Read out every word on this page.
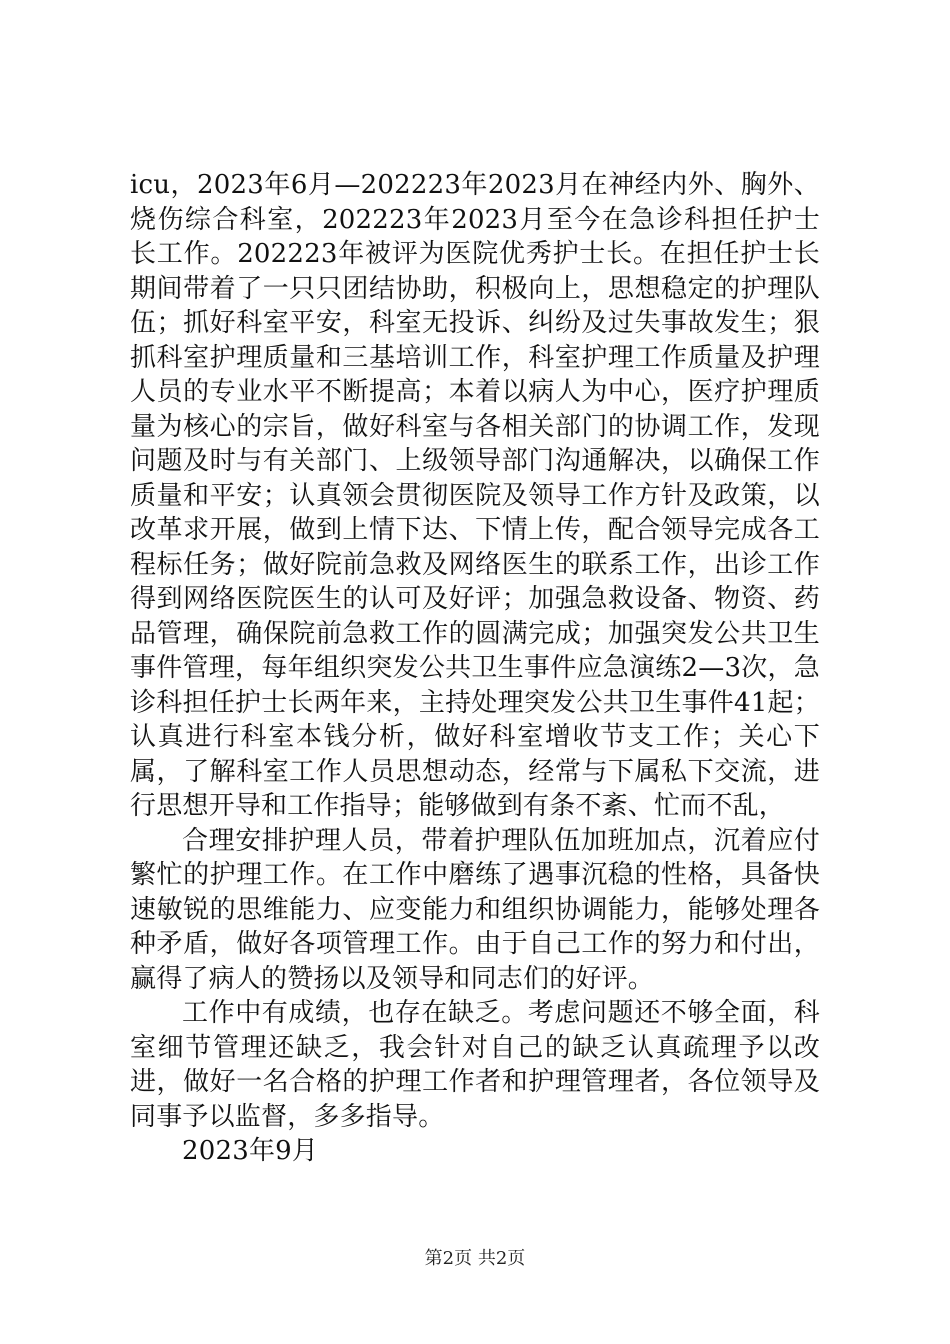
icu，2023年6月—202223年2023月在神经内外、胸外、烧伤综合科室，202223年2023月至今在急诊科担任护士长工作。202223年被评为医院优秀护士长。在担任护士长期间带着了一只只团结协助，积极向上，思想稳定的护理队伍；抓好科室平安，科室无投诉、纠纷及过失事故发生；狠抓科室护理质量和三基培训工作，科室护理工作质量及护理人员的专业水平不断提高；本着以病人为中心，医疗护理质量为核心的宗旨，做好科室与各相关部门的协调工作，发现问题及时与有关部门、上级领导部门沟通解决，以确保工作质量和平安；认真领会贯彻医院及领导工作方针及政策，以改革求开展，做到上情下达、下情上传，配合领导完成各工程标任务；做好院前急救及网络医生的联系工作，出诊工作得到网络医院医生的认可及好评；加强急救设备、物资、药品管理，确保院前急救工作的圆满完成；加强突发公共卫生事件管理，每年组织突发公共卫生事件应急演练2—3次，急诊科担任护士长两年来，主持处理突发公共卫生事件41起；认真进行科室本钱分析，做好科室增收节支工作；关心下属，了解科室工作人员思想动态，经常与下属私下交流，进行思想开导和工作指导；能够做到有条不紊、忙而不乱，

合理安排护理人员，带着护理队伍加班加点，沉着应付繁忙的护理工作。在工作中磨练了遇事沉稳的性格，具备快速敏锐的思维能力、应变能力和组织协调能力，能够处理各种矛盾，做好各项管理工作。由于自己工作的努力和付出，赢得了病人的赞扬以及领导和同志们的好评。

工作中有成绩，也存在缺乏。考虑问题还不够全面，科室细节管理还缺乏，我会针对自己的缺乏认真疏理予以改进，做好一名合格的护理工作者和护理管理者，各位领导及同事予以监督，多多指导。

2023年9月

第2页 共2页
